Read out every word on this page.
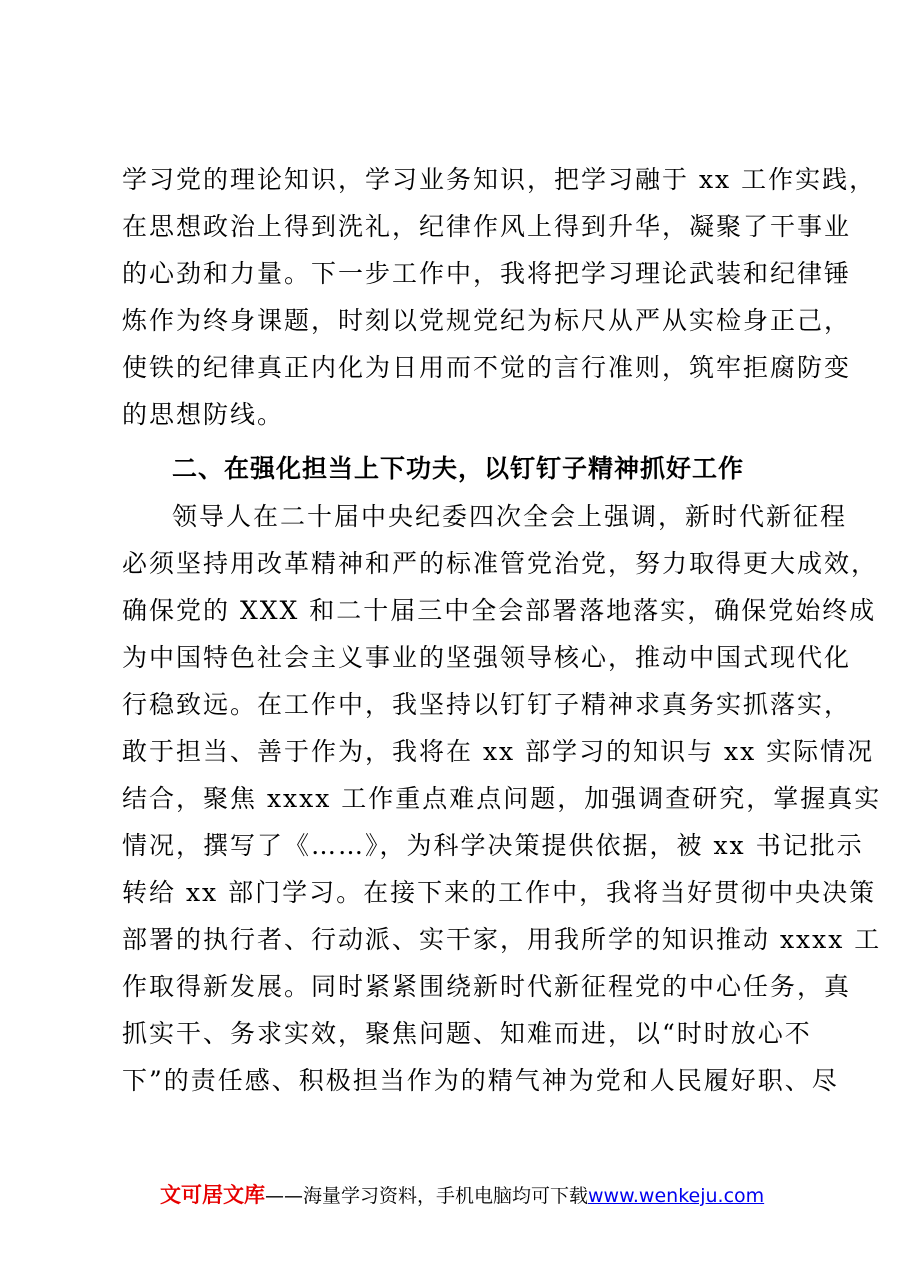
学习党的理论知识，学习业务知识，把学习融于 xx 工作实践，
在思想政治上得到洗礼，纪律作风上得到升华，凝聚了干事业
的心劲和力量。下一步工作中，我将把学习理论武装和纪律锤
炼作为终身课题，时刻以党规党纪为标尺从严从实检身正己，
使铁的纪律真正内化为日用而不觉的言行准则，筑牢拒腐防变
的思想防线。
二、在强化担当上下功夫，以钉钉子精神抓好工作
领导人在二十届中央纪委四次全会上强调，新时代新征程
必须坚持用改革精神和严的标准管党治党，努力取得更大成效，
确保党的 XXX 和二十届三中全会部署落地落实，确保党始终成
为中国特色社会主义事业的坚强领导核心，推动中国式现代化
行稳致远。在工作中，我坚持以钉钉子精神求真务实抓落实，
敢于担当、善于作为，我将在 xx 部学习的知识与 xx 实际情况
结合，聚焦 xxxx 工作重点难点问题，加强调查研究，掌握真实
情况，撰写了《……》，为科学决策提供依据，被 xx 书记批示
转给 xx 部门学习。在接下来的工作中，我将当好贯彻中央决策
部署的执行者、行动派、实干家，用我所学的知识推动 xxxx 工
作取得新发展。同时紧紧围绕新时代新征程党的中心任务，真
抓实干、务求实效，聚焦问题、知难而进，以“时时放心不
下”的责任感、积极担当作为的精气神为党和人民履好职、尽
文可居文库——海量学习资料，手机电脑均可下载www.wenkeju.com
